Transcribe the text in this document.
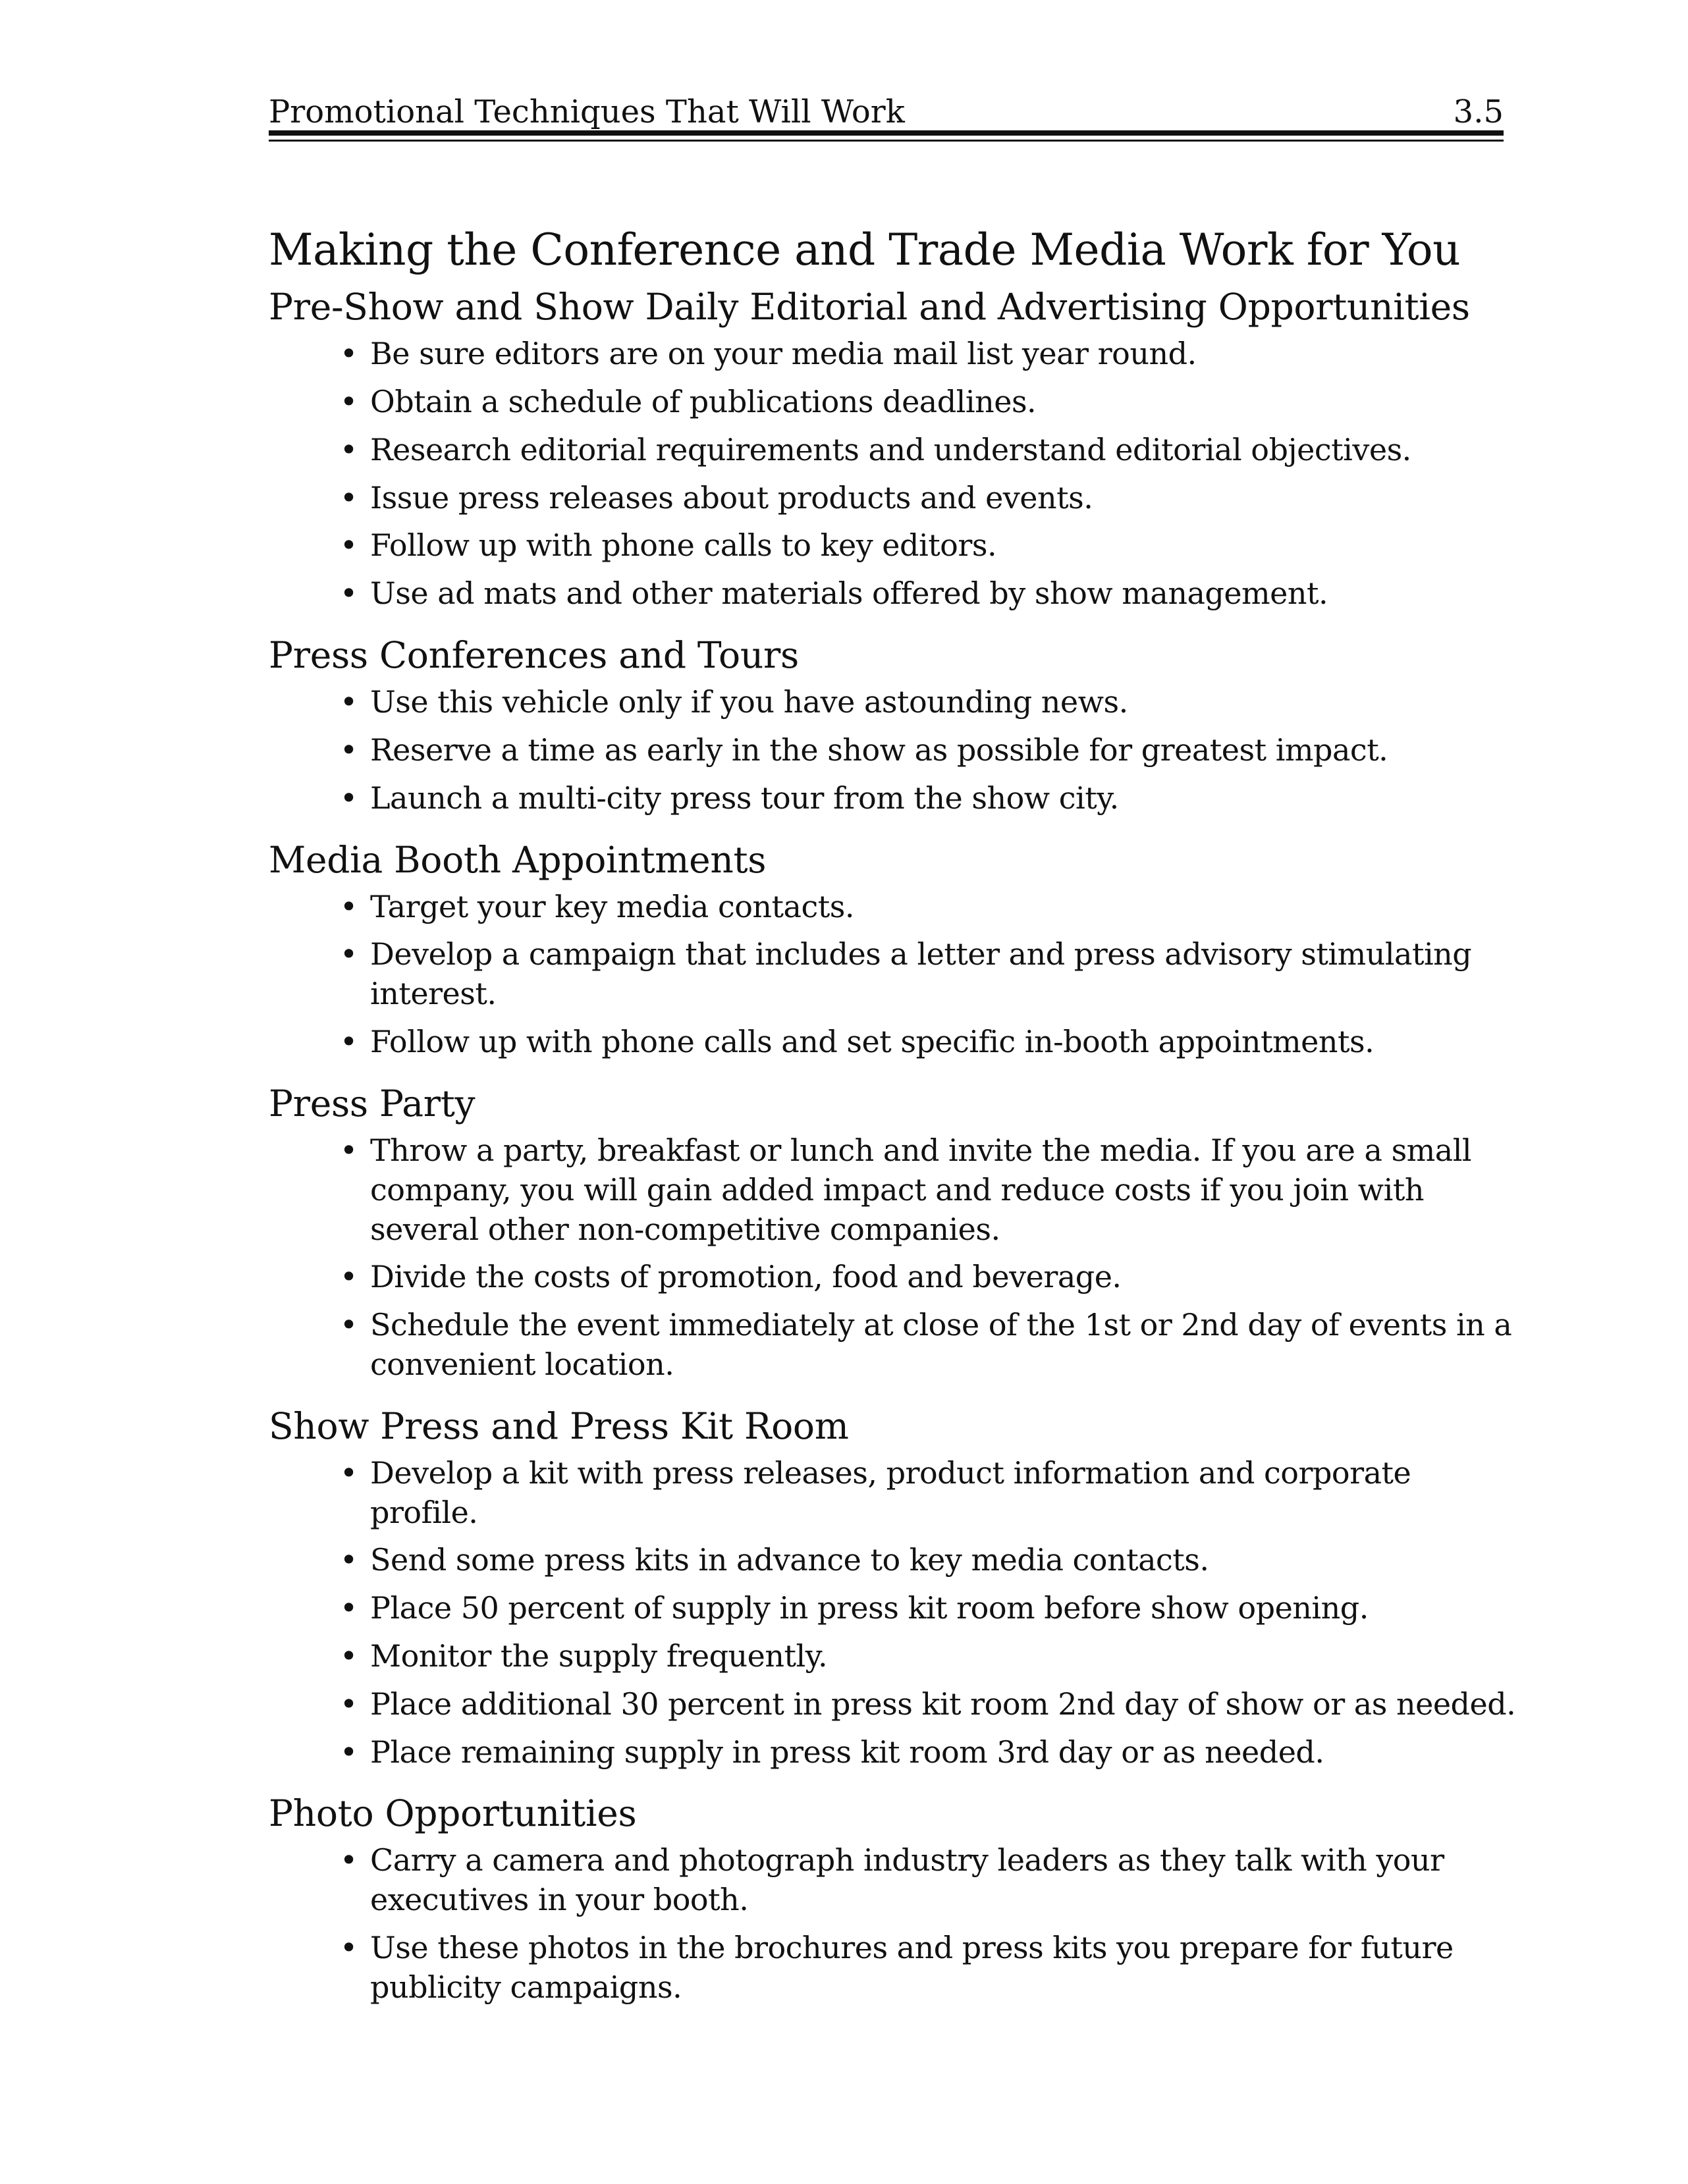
Promotional Techniques That Will Work	3.5
Making the Conference and Trade Media Work for You
Pre-Show and Show Daily Editorial and Advertising Opportunities
• Be sure editors are on your media mail list year round.
• Obtain a schedule of publications deadlines.
• Research editorial requirements and understand editorial objectives.
• Issue press releases about products and events.
• Follow up with phone calls to key editors.
• Use ad mats and other materials offered by show management.
Press Conferences and Tours
• Use this vehicle only if you have astounding news.
• Reserve a time as early in the show as possible for greatest impact.
• Launch a multi-city press tour from the show city.
Media Booth Appointments
• Target your key media contacts.
• Develop a campaign that includes a letter and press advisory stimulating interest.
• Follow up with phone calls and set specific in-booth appointments.
Press Party
• Throw a party, breakfast or lunch and invite the media. If you are a small company, you will gain added impact and reduce costs if you join with several other non-competitive companies.
• Divide the costs of promotion, food and beverage.
• Schedule the event immediately at close of the 1st or 2nd day of events in a convenient location.
Show Press and Press Kit Room
• Develop a kit with press releases, product information and corporate profile.
• Send some press kits in advance to key media contacts.
• Place 50 percent of supply in press kit room before show opening.
• Monitor the supply frequently.
• Place additional 30 percent in press kit room 2nd day of show or as needed.
• Place remaining supply in press kit room 3rd day or as needed.
Photo Opportunities
• Carry a camera and photograph industry leaders as they talk with your executives in your booth.
• Use these photos in the brochures and press kits you prepare for future publicity campaigns.
